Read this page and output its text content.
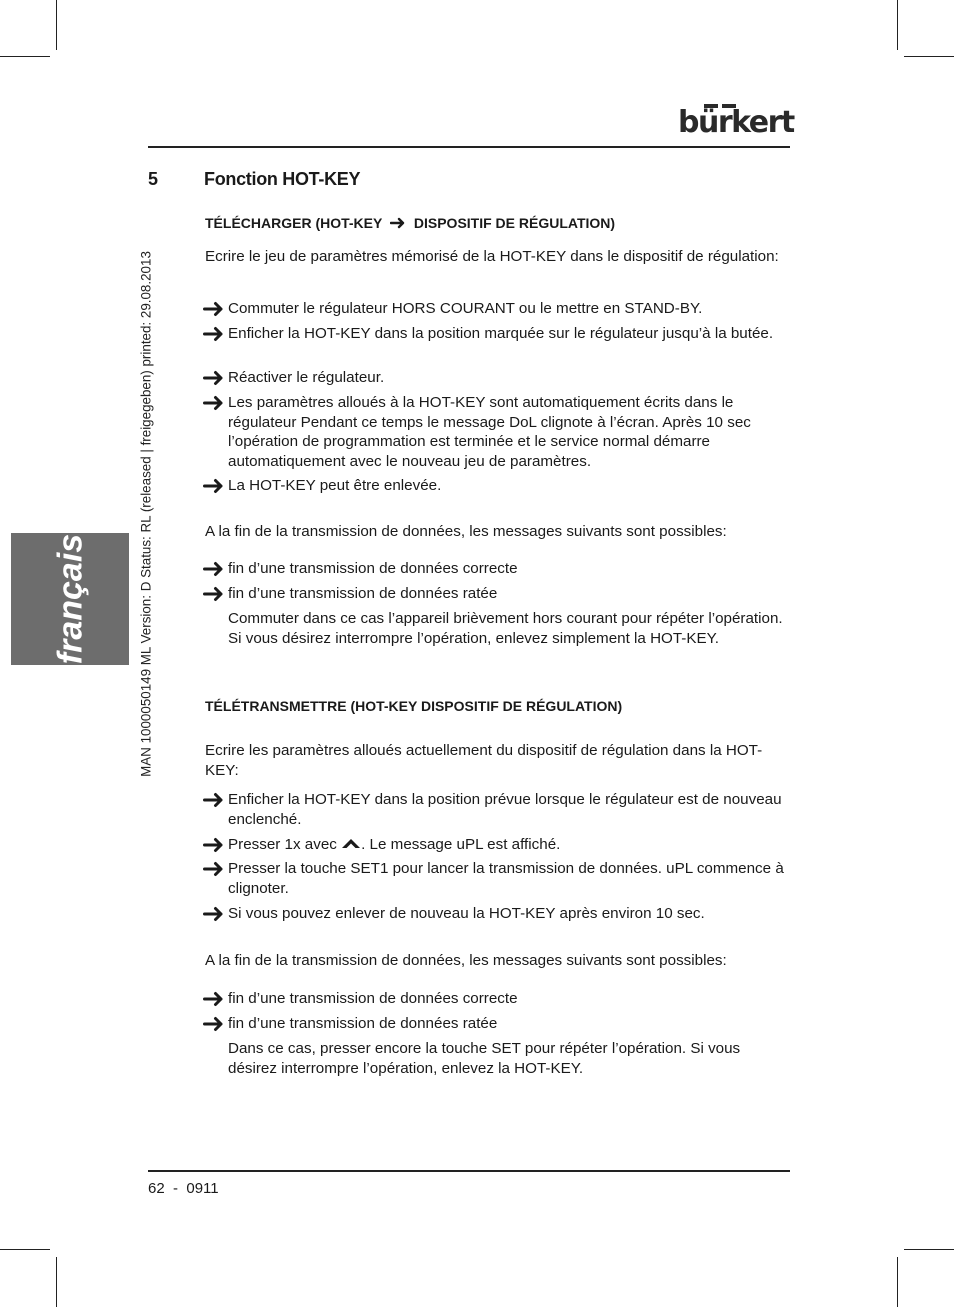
bürkert
français	MAN 1000050149 ML Version: D Status: RL (released | freigegeben) printed: 29.08.2013
5	Fonction HOT-KEY
TÉLÉCHARGER (HOT-KEY DISPOSITIF DE RÉGULATION)
Ecrire le jeu de paramètres mémorisé de la HOT-KEY dans le dispositif de régulation:
Commuter le régulateur HORS COURANT ou le mettre en STAND-BY.
Enficher la HOT-KEY dans la position marquée sur le régulateur jusqu’à la butée.
Réactiver le régulateur.
Les paramètres alloués à la HOT-KEY sont automatiquement écrits dans le régulateur Pendant ce temps le message DoL clignote à l’écran. Après 10 sec l’opération de programmation est terminée et le service normal démarre automatiquement avec le nouveau jeu de paramètres.
La HOT-KEY peut être enlevée.
A la fin de la transmission de données, les messages suivants sont possibles:
fin d’une transmission de données correcte
fin d’une transmission de données ratée
Commuter dans ce cas l’appareil brièvement hors courant pour répéter l’opération. Si vous désirez interrompre l’opération, enlevez simplement la HOT-KEY.
TÉLÉTRANSMETTRE (HOT-KEY DISPOSITIF DE RÉGULATION)
Ecrire les paramètres alloués actuellement du dispositif de régulation dans la HOT-KEY:
Enficher la HOT-KEY dans la position prévue lorsque le régulateur est de nouveau enclenché.
Presser 1x avec . Le message uPL est affiché.
Presser la touche SET1 pour lancer la transmission de données. uPL commence à clignoter.
Si vous pouvez enlever de nouveau la HOT-KEY après environ 10 sec.
A la fin de la transmission de données, les messages suivants sont possibles:
fin d’une transmission de données correcte
fin d’une transmission de données ratée
Dans ce cas, presser encore la touche SET pour répéter l’opération. Si vous désirez interrompre l’opération, enlevez la HOT-KEY.
62  -  0911
